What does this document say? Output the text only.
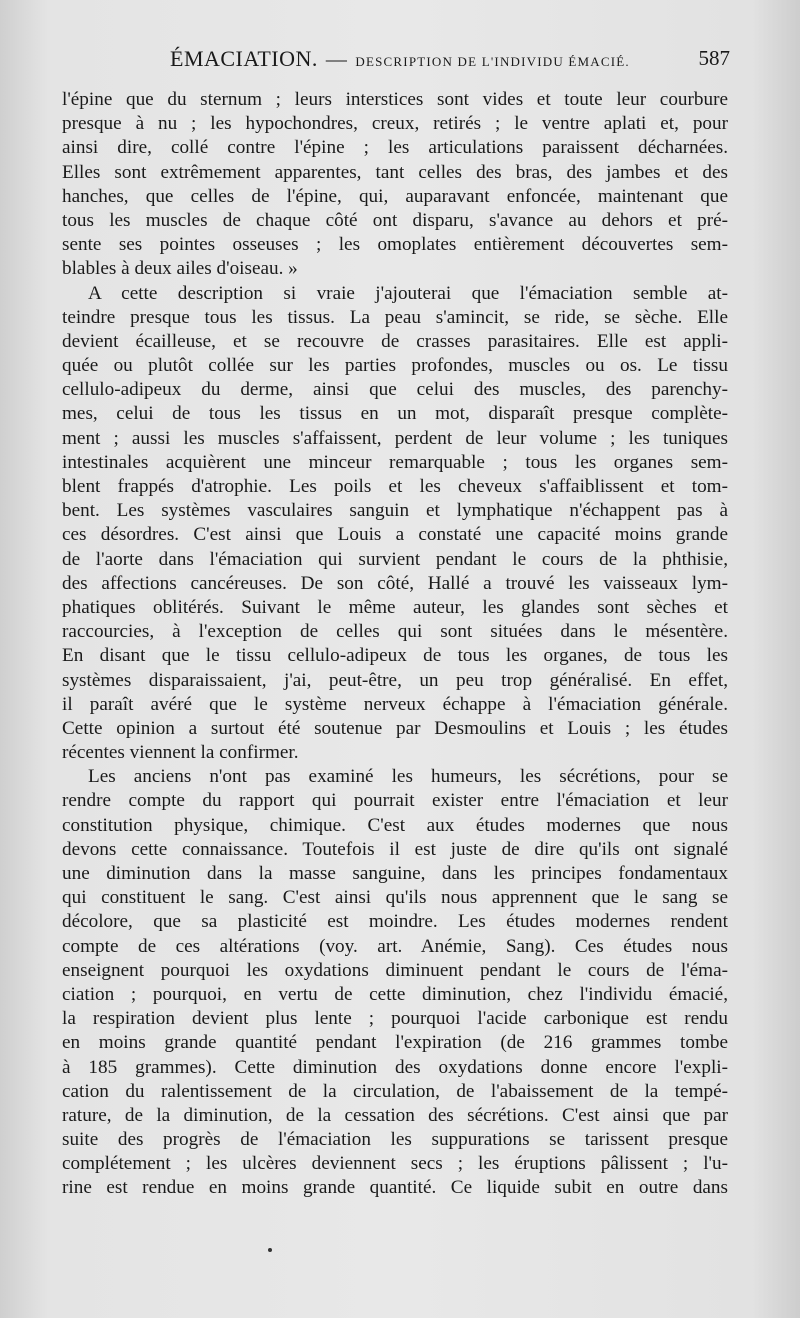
ÉMACIATION. — DESCRIPTION DE L'INDIVIDU ÉMACIÉ.	587
l'épine que du sternum ; leurs interstices sont vides et toute leur courbure
presque à nu ; les hypochondres, creux, retirés ; le ventre aplati et, pour
ainsi dire, collé contre l'épine ; les articulations paraissent décharnées.
Elles sont extrêmement apparentes, tant celles des bras, des jambes et des
hanches, que celles de l'épine, qui, auparavant enfoncée, maintenant que
tous les muscles de chaque côté ont disparu, s'avance au dehors et pré-
sente ses pointes osseuses ; les omoplates entièrement découvertes sem-
blables à deux ailes d'oiseau. »
A cette description si vraie j'ajouterai que l'émaciation semble at-
teindre presque tous les tissus. La peau s'amincit, se ride, se sèche. Elle
devient écailleuse, et se recouvre de crasses parasitaires. Elle est appli-
quée ou plutôt collée sur les parties profondes, muscles ou os. Le tissu
cellulo-adipeux du derme, ainsi que celui des muscles, des parenchy-
mes, celui de tous les tissus en un mot, disparaît presque complète-
ment ; aussi les muscles s'affaissent, perdent de leur volume ; les tuniques
intestinales acquièrent une minceur remarquable ; tous les organes sem-
blent frappés d'atrophie. Les poils et les cheveux s'affaiblissent et tom-
bent. Les systèmes vasculaires sanguin et lymphatique n'échappent pas à
ces désordres. C'est ainsi que Louis a constaté une capacité moins grande
de l'aorte dans l'émaciation qui survient pendant le cours de la phthisie,
des affections cancéreuses. De son côté, Hallé a trouvé les vaisseaux lym-
phatiques oblitérés. Suivant le même auteur, les glandes sont sèches et
raccourcies, à l'exception de celles qui sont situées dans le mésentère.
En disant que le tissu cellulo-adipeux de tous les organes, de tous les
systèmes disparaissaient, j'ai, peut-être, un peu trop généralisé. En effet,
il paraît avéré que le système nerveux échappe à l'émaciation générale.
Cette opinion a surtout été soutenue par Desmoulins et Louis ; les études
récentes viennent la confirmer.
Les anciens n'ont pas examiné les humeurs, les sécrétions, pour se
rendre compte du rapport qui pourrait exister entre l'émaciation et leur
constitution physique, chimique. C'est aux études modernes que nous
devons cette connaissance. Toutefois il est juste de dire qu'ils ont signalé
une diminution dans la masse sanguine, dans les principes fondamentaux
qui constituent le sang. C'est ainsi qu'ils nous apprennent que le sang se
décolore, que sa plasticité est moindre. Les études modernes rendent
compte de ces altérations (voy. art. Anémie, Sang). Ces études nous
enseignent pourquoi les oxydations diminuent pendant le cours de l'éma-
ciation ; pourquoi, en vertu de cette diminution, chez l'individu émacié,
la respiration devient plus lente ; pourquoi l'acide carbonique est rendu
en moins grande quantité pendant l'expiration (de 216 grammes tombe
à 185 grammes). Cette diminution des oxydations donne encore l'expli-
cation du ralentissement de la circulation, de l'abaissement de la tempé-
rature, de la diminution, de la cessation des sécrétions. C'est ainsi que par
suite des progrès de l'émaciation les suppurations se tarissent presque
complétement ; les ulcères deviennent secs ; les éruptions pâlissent ; l'u-
rine est rendue en moins grande quantité. Ce liquide subit en outre dans
